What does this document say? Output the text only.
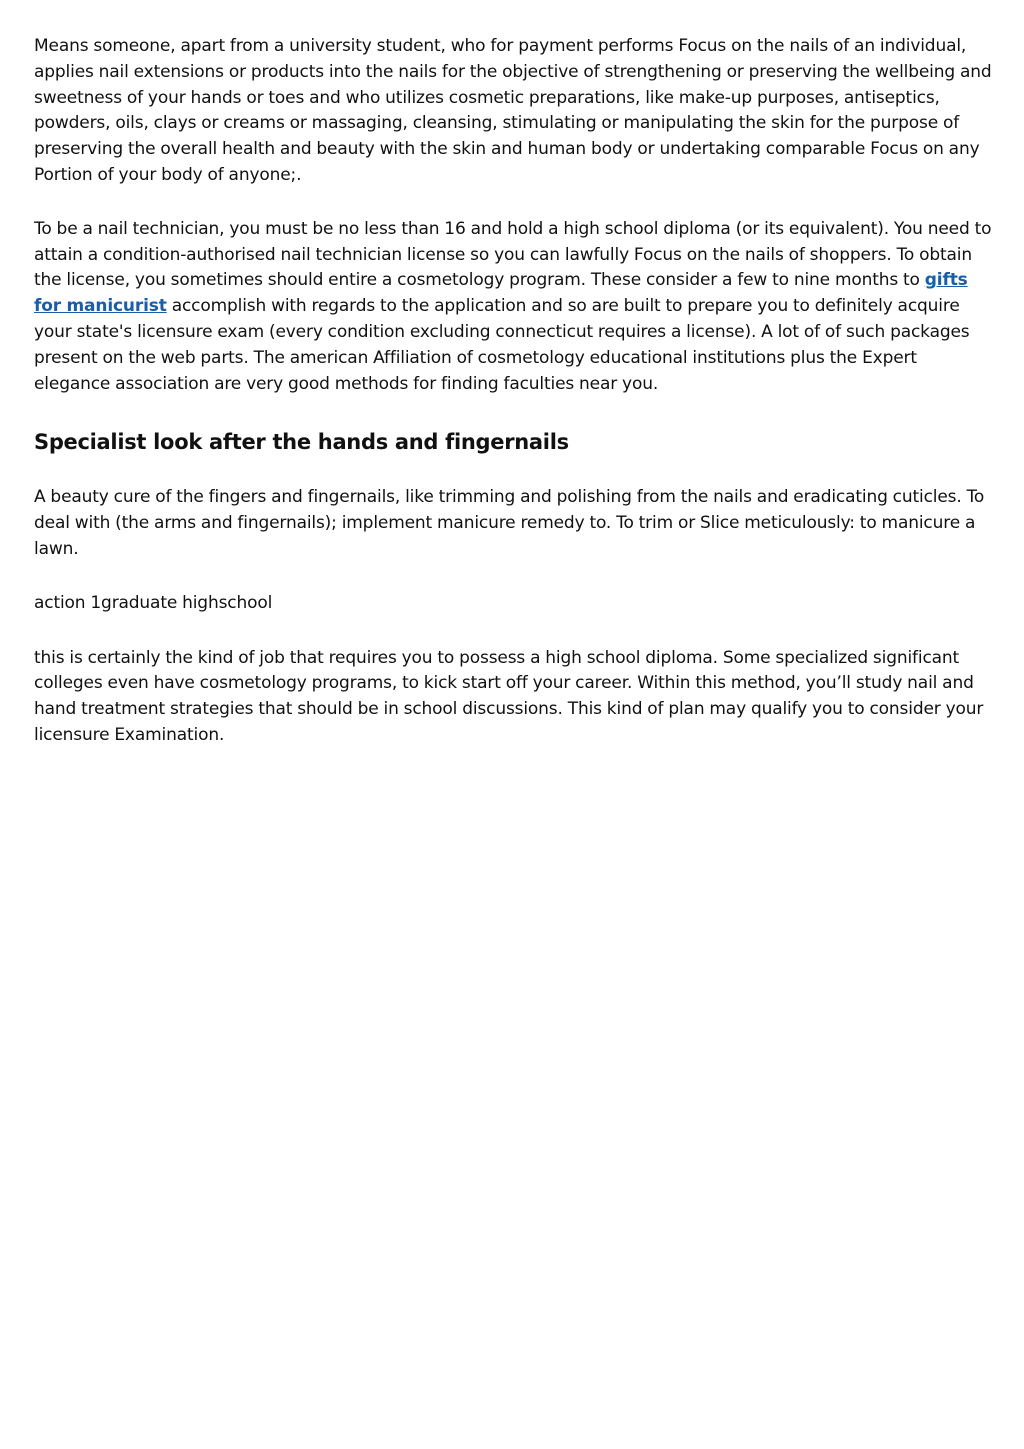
Means someone, apart from a university student, who for payment performs Focus on the nails of an individual, applies nail extensions or products into the nails for the objective of strengthening or preserving the wellbeing and sweetness of your hands or toes and who utilizes cosmetic preparations, like make-up purposes, antiseptics, powders, oils, clays or creams or massaging, cleansing, stimulating or manipulating the skin for the purpose of preserving the overall health and beauty with the skin and human body or undertaking comparable Focus on any Portion of your body of anyone;.

To be a nail technician, you must be no less than 16 and hold a high school diploma (or its equivalent). You need to attain a condition-authorised nail technician license so you can lawfully Focus on the nails of shoppers. To obtain the license, you sometimes should entire a cosmetology program. These consider a few to nine months to gifts for manicurist accomplish with regards to the application and so are built to prepare you to definitely acquire your state's licensure exam (every condition excluding connecticut requires a license). A lot of of such packages present on the web parts. The american Affiliation of cosmetology educational institutions plus the Expert elegance association are very good methods for finding faculties near you.

Specialist look after the hands and fingernails

A beauty cure of the fingers and fingernails, like trimming and polishing from the nails and eradicating cuticles. To deal with (the arms and fingernails); implement manicure remedy to. To trim or Slice meticulously: to manicure a lawn.

action 1graduate highschool

this is certainly the kind of job that requires you to possess a high school diploma. Some specialized significant colleges even have cosmetology programs, to kick start off your career. Within this method, you’ll study nail and hand treatment strategies that should be in school discussions. This kind of plan may qualify you to consider your licensure Examination.
